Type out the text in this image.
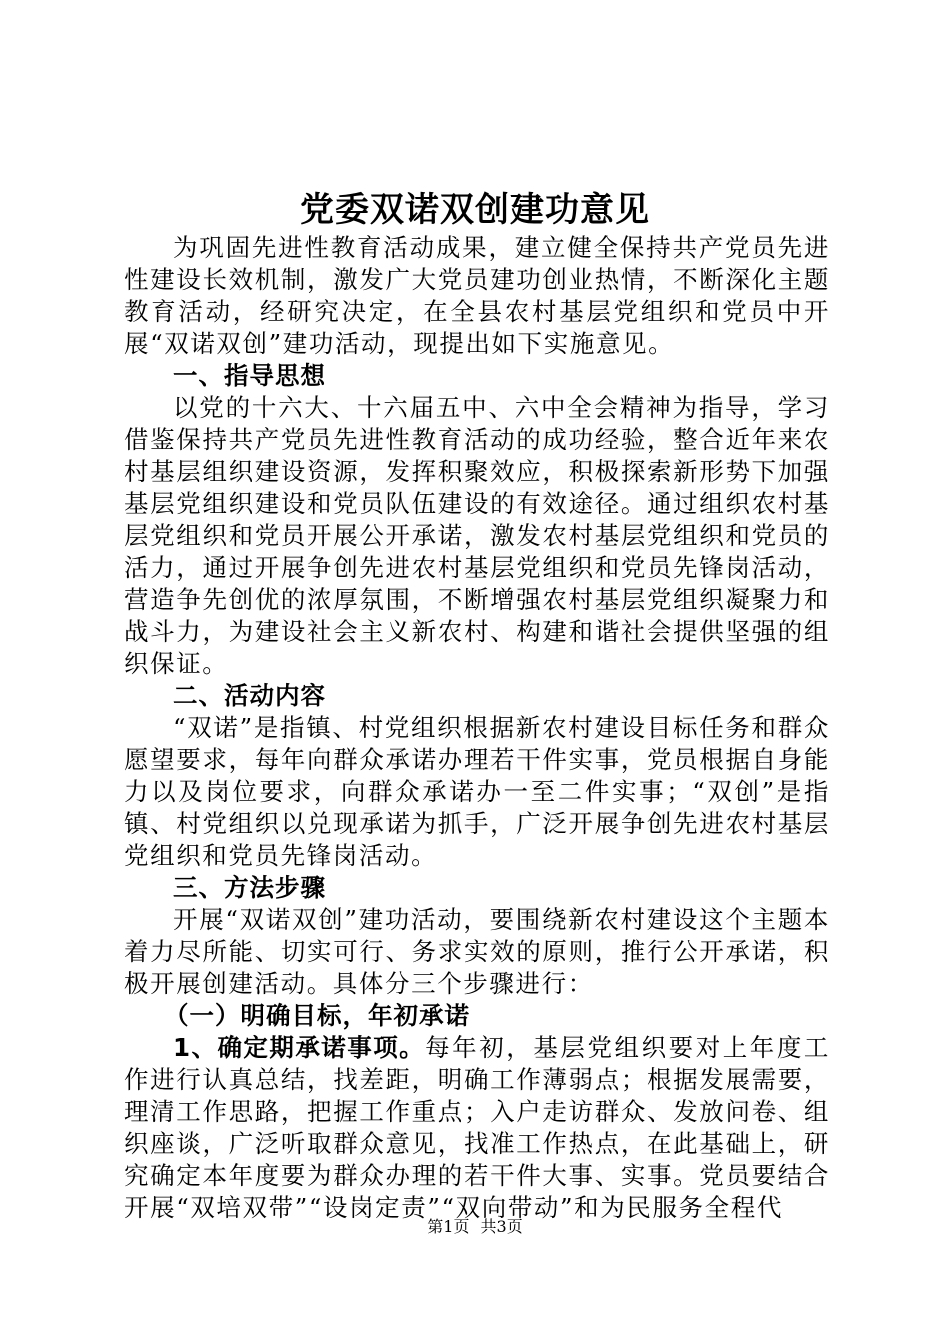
党委双诺双创建功意见

为巩固先进性教育活动成果，建立健全保持共产党员先进性建设长效机制，激发广大党员建功创业热情，不断深化主题教育活动，经研究决定，在全县农村基层党组织和党员中开展“双诺双创”建功活动，现提出如下实施意见。

一、指导思想

以党的十六大、十六届五中、六中全会精神为指导，学习借鉴保持共产党员先进性教育活动的成功经验，整合近年来农村基层组织建设资源，发挥积聚效应，积极探索新形势下加强基层党组织建设和党员队伍建设的有效途径。通过组织农村基层党组织和党员开展公开承诺，激发农村基层党组织和党员的活力，通过开展争创先进农村基层党组织和党员先锋岗活动，营造争先创优的浓厚氛围，不断增强农村基层党组织凝聚力和战斗力，为建设社会主义新农村、构建和谐社会提供坚强的组织保证。

二、活动内容

“双诺”是指镇、村党组织根据新农村建设目标任务和群众愿望要求，每年向群众承诺办理若干件实事，党员根据自身能力以及岗位要求，向群众承诺办一至二件实事；“双创”是指镇、村党组织以兑现承诺为抓手，广泛开展争创先进农村基层党组织和党员先锋岗活动。

三、方法步骤

开展“双诺双创”建功活动，要围绕新农村建设这个主题本着力尽所能、切实可行、务求实效的原则，推行公开承诺，积极开展创建活动。具体分三个步骤进行：

（一）明确目标，年初承诺

1、确定期承诺事项。每年初，基层党组织要对上年度工作进行认真总结，找差距，明确工作薄弱点；根据发展需要，理清工作思路，把握工作重点；入户走访群众、发放问卷、组织座谈，广泛听取群众意见，找准工作热点，在此基础上，研究确定本年度要为群众办理的若干件大事、实事。党员要结合开展“双培双带”“设岗定责”“双向带动”和为民服务全程代

第1页 共3页
